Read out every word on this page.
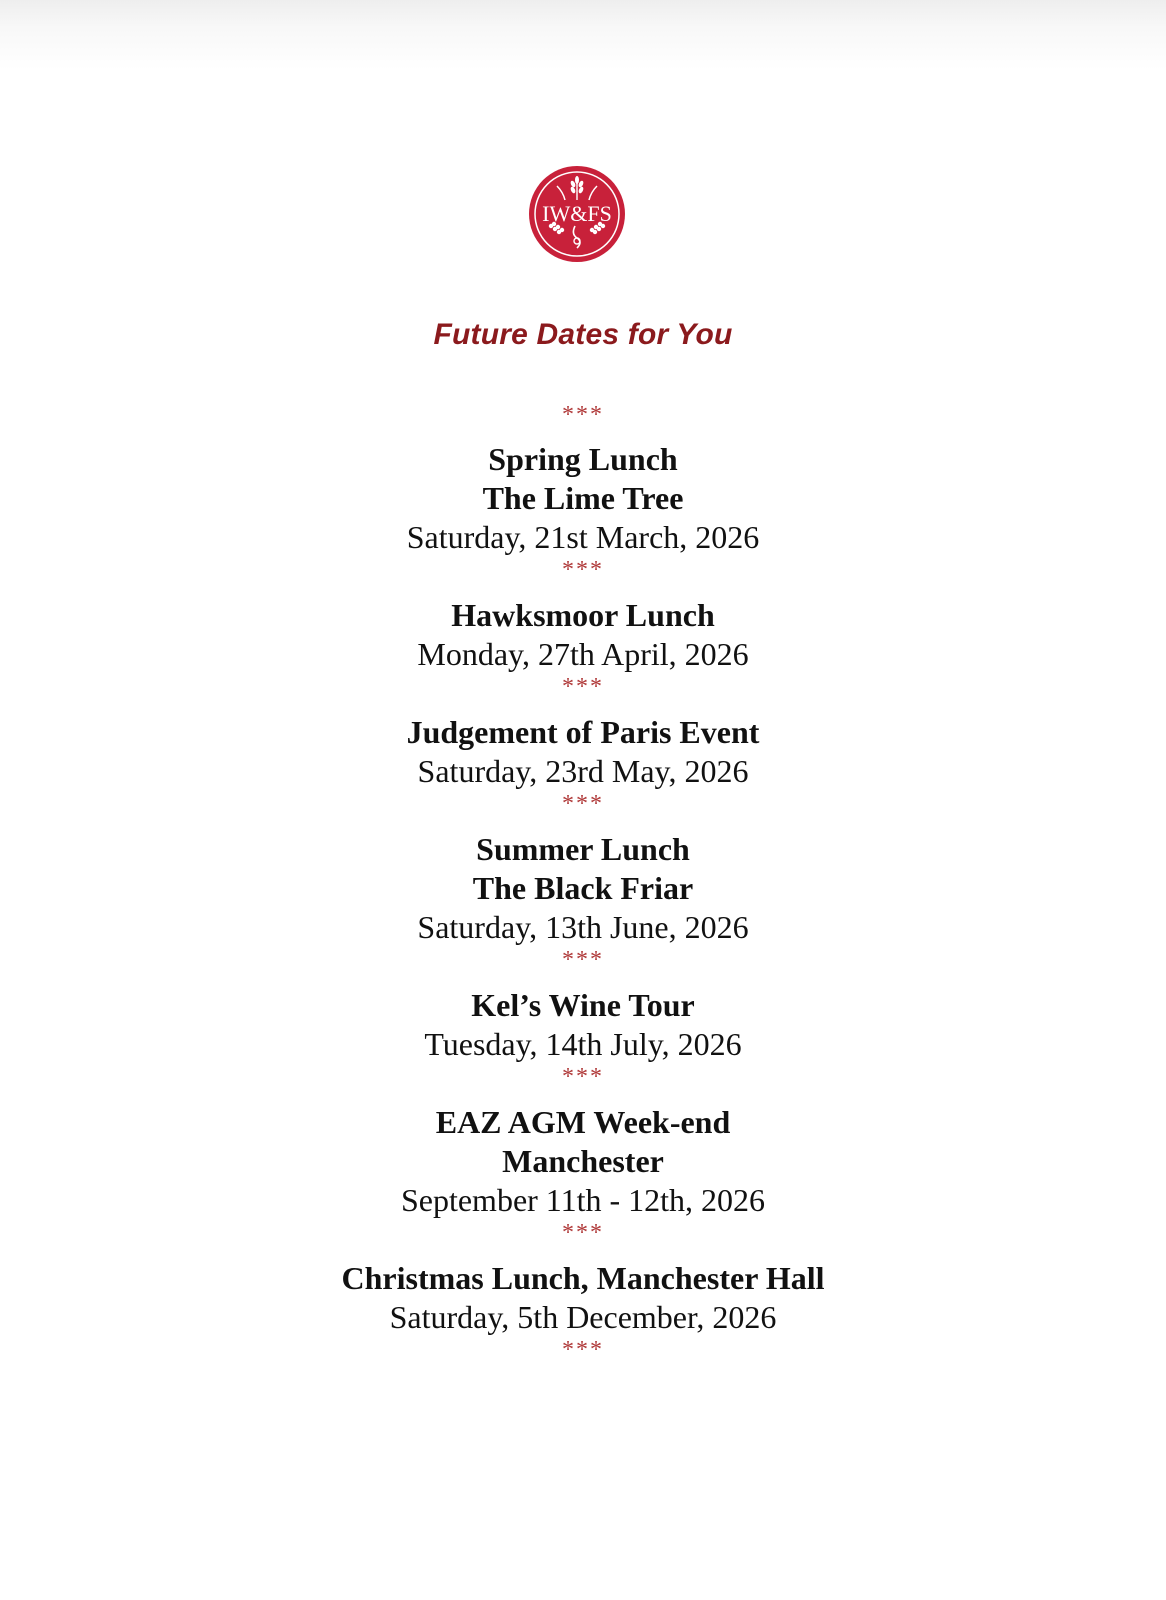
IW&FS
Future Dates for You
***
Spring Lunch
The Lime Tree
Saturday, 21st March, 2026
***
Hawksmoor Lunch
Monday, 27th April, 2026
***
Judgement of Paris Event
Saturday, 23rd May, 2026
***
Summer Lunch
The Black Friar
Saturday, 13th June, 2026
***
Kel’s Wine Tour
Tuesday, 14th July, 2026
***
EAZ AGM Week-end
Manchester
September 11th - 12th, 2026
***
Christmas Lunch, Manchester Hall
Saturday, 5th December, 2026
***
